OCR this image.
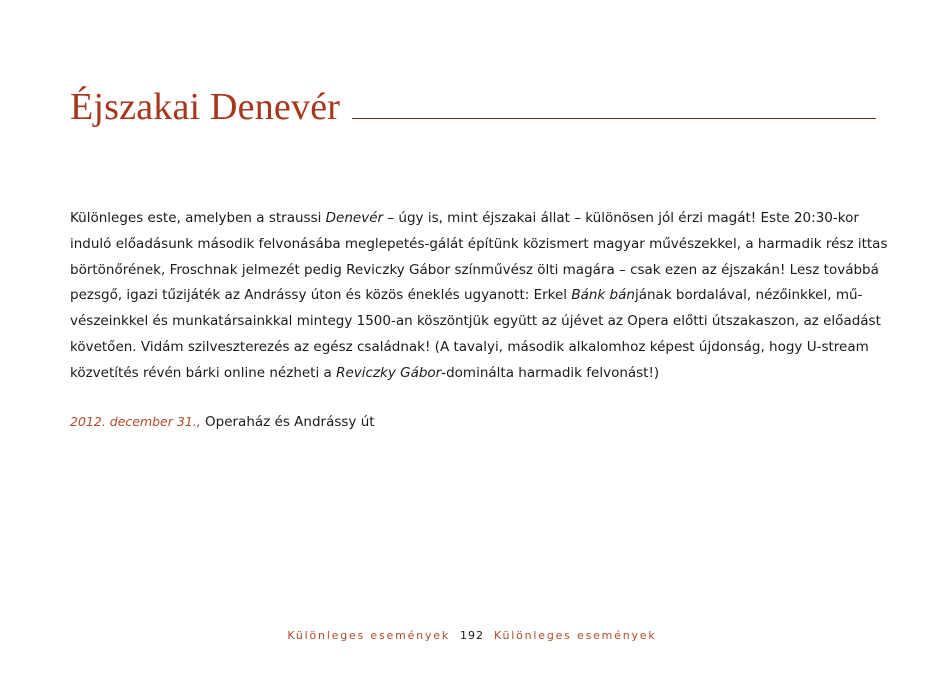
Éjszakai Denevér

Különleges este, amelyben a straussi Denevér – úgy is, mint éjszakai állat – különösen jól érzi magát! Este 20:30-kor
induló előadásunk második felvonásába meglepetés-gálát építünk közismert magyar művészekkel, a harmadik rész ittas
börtönőrének, Froschnak jelmezét pedig Reviczky Gábor színművész ölti magára – csak ezen az éjszakán! Lesz továbbá
pezsgő, igazi tűzijáték az Andrássy úton és közös éneklés ugyanott: Erkel Bánk bánjának bordalával, nézőinkkel, mű-
vészeinkkel és munkatársainkkal mintegy 1500-an köszöntjük együtt az újévet az Opera előtti útszakaszon, az előadást
követően. Vidám szilveszterezés az egész családnak! (A tavalyi, második alkalomhoz képest újdonság, hogy U-stream
közvetítés révén bárki online nézheti a Reviczky Gábor-dominálta harmadik felvonást!)

2012. december 31., Operaház és Andrássy út
Különleges események 192 Különleges események
